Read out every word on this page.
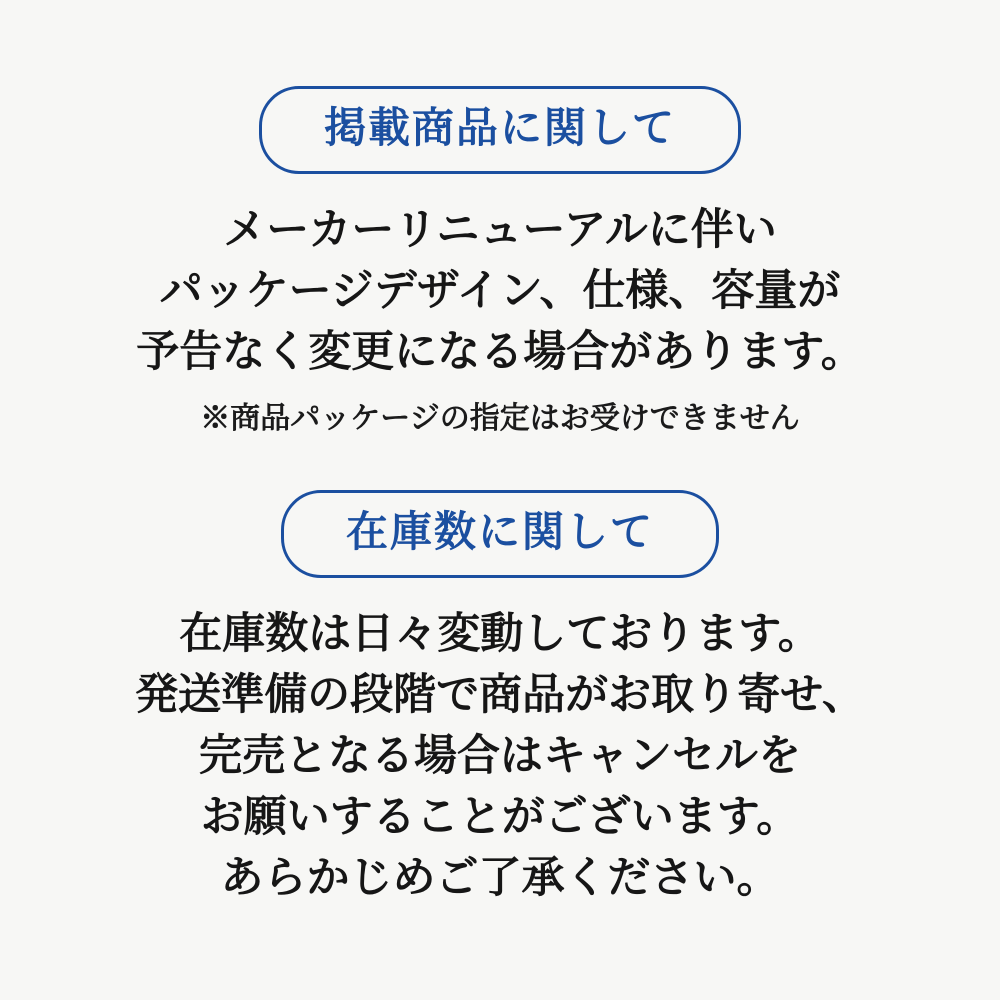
掲載商品に関して
メーカーリニューアルに伴い
パッケージデザイン、仕様、容量が
予告なく変更になる場合があります。
※商品パッケージの指定はお受けできません
在庫数に関して
在庫数は日々変動しております。
発送準備の段階で商品がお取り寄せ、
完売となる場合はキャンセルを
お願いすることがございます。
あらかじめご了承ください。
